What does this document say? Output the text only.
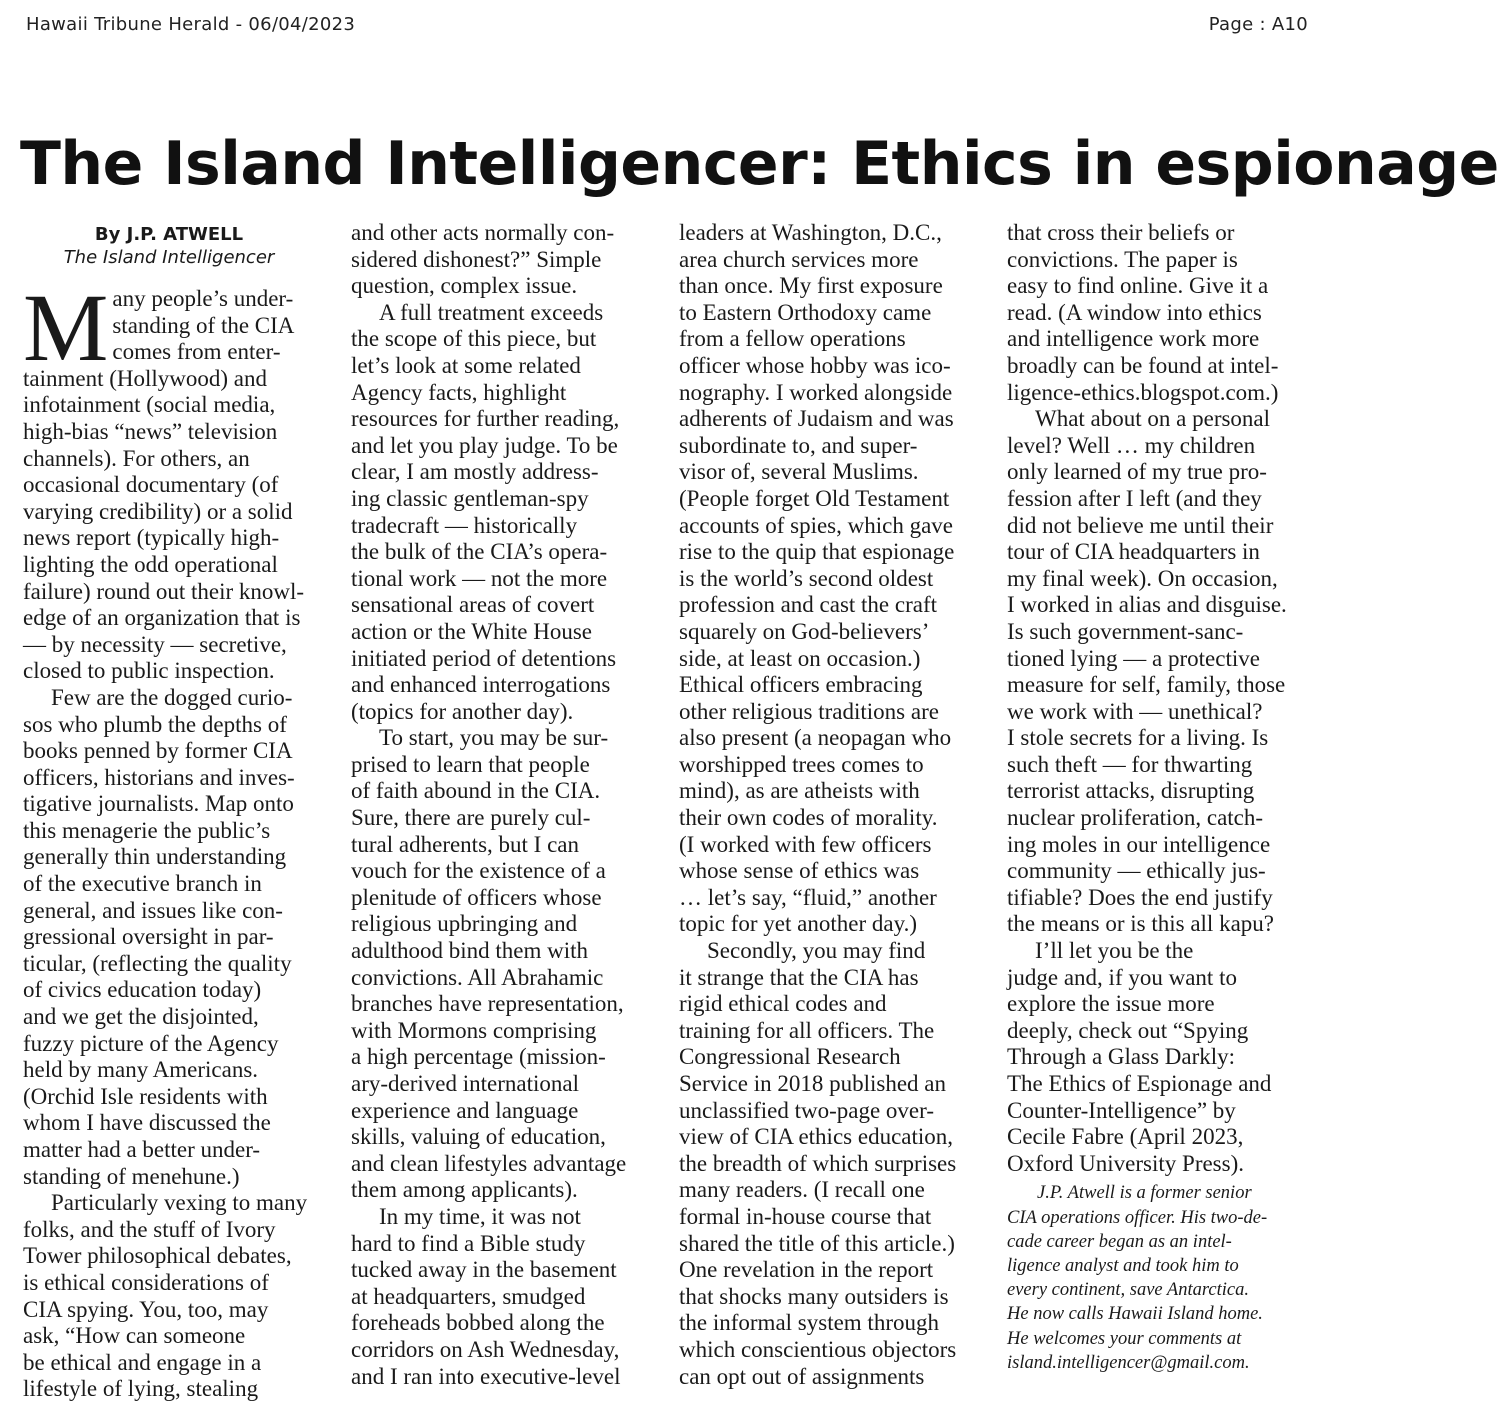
Hawaii Tribune Herald - 06/04/2023	Page : A10
The Island Intelligencer: Ethics in espionage
By J.P. ATWELL
The Island Intelligencer
M any people’s under-
standing of the CIA
comes from enter-
tainment (Hollywood) and
infotainment (social media,
high-bias “news” television
channels). For others, an
occasional documentary (of
varying credibility) or a solid
news report (typically high-
lighting the odd operational
failure) round out their knowl-
edge of an organization that is
— by necessity — secretive,
closed to public inspection.
Few are the dogged curio-
sos who plumb the depths of
books penned by former CIA
officers, historians and inves-
tigative journalists. Map onto
this menagerie the public’s
generally thin understanding
of the executive branch in
general, and issues like con-
gressional oversight in par-
ticular, (reflecting the quality
of civics education today)
and we get the disjointed,
fuzzy picture of the Agency
held by many Americans.
(Orchid Isle residents with
whom I have discussed the
matter had a better under-
standing of menehune.)
Particularly vexing to many
folks, and the stuff of Ivory
Tower philosophical debates,
is ethical considerations of
CIA spying. You, too, may
ask, “How can someone
be ethical and engage in a
lifestyle of lying, stealing
and other acts normally con-
sidered dishonest?” Simple
question, complex issue.
A full treatment exceeds
the scope of this piece, but
let’s look at some related
Agency facts, highlight
resources for further reading,
and let you play judge. To be
clear, I am mostly address-
ing classic gentleman-spy
tradecraft — historically
the bulk of the CIA’s opera-
tional work — not the more
sensational areas of covert
action or the White House
initiated period of detentions
and enhanced interrogations
(topics for another day).
To start, you may be sur-
prised to learn that people
of faith abound in the CIA.
Sure, there are purely cul-
tural adherents, but I can
vouch for the existence of a
plenitude of officers whose
religious upbringing and
adulthood bind them with
convictions. All Abrahamic
branches have representation,
with Mormons comprising
a high percentage (mission-
ary-derived international
experience and language
skills, valuing of education,
and clean lifestyles advantage
them among applicants).
In my time, it was not
hard to find a Bible study
tucked away in the basement
at headquarters, smudged
foreheads bobbed along the
corridors on Ash Wednesday,
and I ran into executive-level
leaders at Washington, D.C.,
area church services more
than once. My first exposure
to Eastern Orthodoxy came
from a fellow operations
officer whose hobby was ico-
nography. I worked alongside
adherents of Judaism and was
subordinate to, and super-
visor of, several Muslims.
(People forget Old Testament
accounts of spies, which gave
rise to the quip that espionage
is the world’s second oldest
profession and cast the craft
squarely on God-believers’
side, at least on occasion.)
Ethical officers embracing
other religious traditions are
also present (a neopagan who
worshipped trees comes to
mind), as are atheists with
their own codes of morality.
(I worked with few officers
whose sense of ethics was
… let’s say, “fluid,” another
topic for yet another day.)
Secondly, you may find
it strange that the CIA has
rigid ethical codes and
training for all officers. The
Congressional Research
Service in 2018 published an
unclassified two-page over-
view of CIA ethics education,
the breadth of which surprises
many readers. (I recall one
formal in-house course that
shared the title of this article.)
One revelation in the report
that shocks many outsiders is
the informal system through
which conscientious objectors
can opt out of assignments
that cross their beliefs or
convictions. The paper is
easy to find online. Give it a
read. (A window into ethics
and intelligence work more
broadly can be found at intel-
ligence-ethics.blogspot.com.)
What about on a personal
level? Well … my children
only learned of my true pro-
fession after I left (and they
did not believe me until their
tour of CIA headquarters in
my final week). On occasion,
I worked in alias and disguise.
Is such government-sanc-
tioned lying — a protective
measure for self, family, those
we work with — unethical?
I stole secrets for a living. Is
such theft — for thwarting
terrorist attacks, disrupting
nuclear proliferation, catch-
ing moles in our intelligence
community — ethically jus-
tifiable? Does the end justify
the means or is this all kapu?
I’ll let you be the
judge and, if you want to
explore the issue more
deeply, check out “Spying
Through a Glass Darkly:
The Ethics of Espionage and
Counter-Intelligence” by
Cecile Fabre (April 2023,
Oxford University Press).
J.P. Atwell is a former senior
CIA operations officer. His two-de-
cade career began as an intel-
ligence analyst and took him to
every continent, save Antarctica.
He now calls Hawaii Island home.
He welcomes your comments at
island.intelligencer@gmail.com.
